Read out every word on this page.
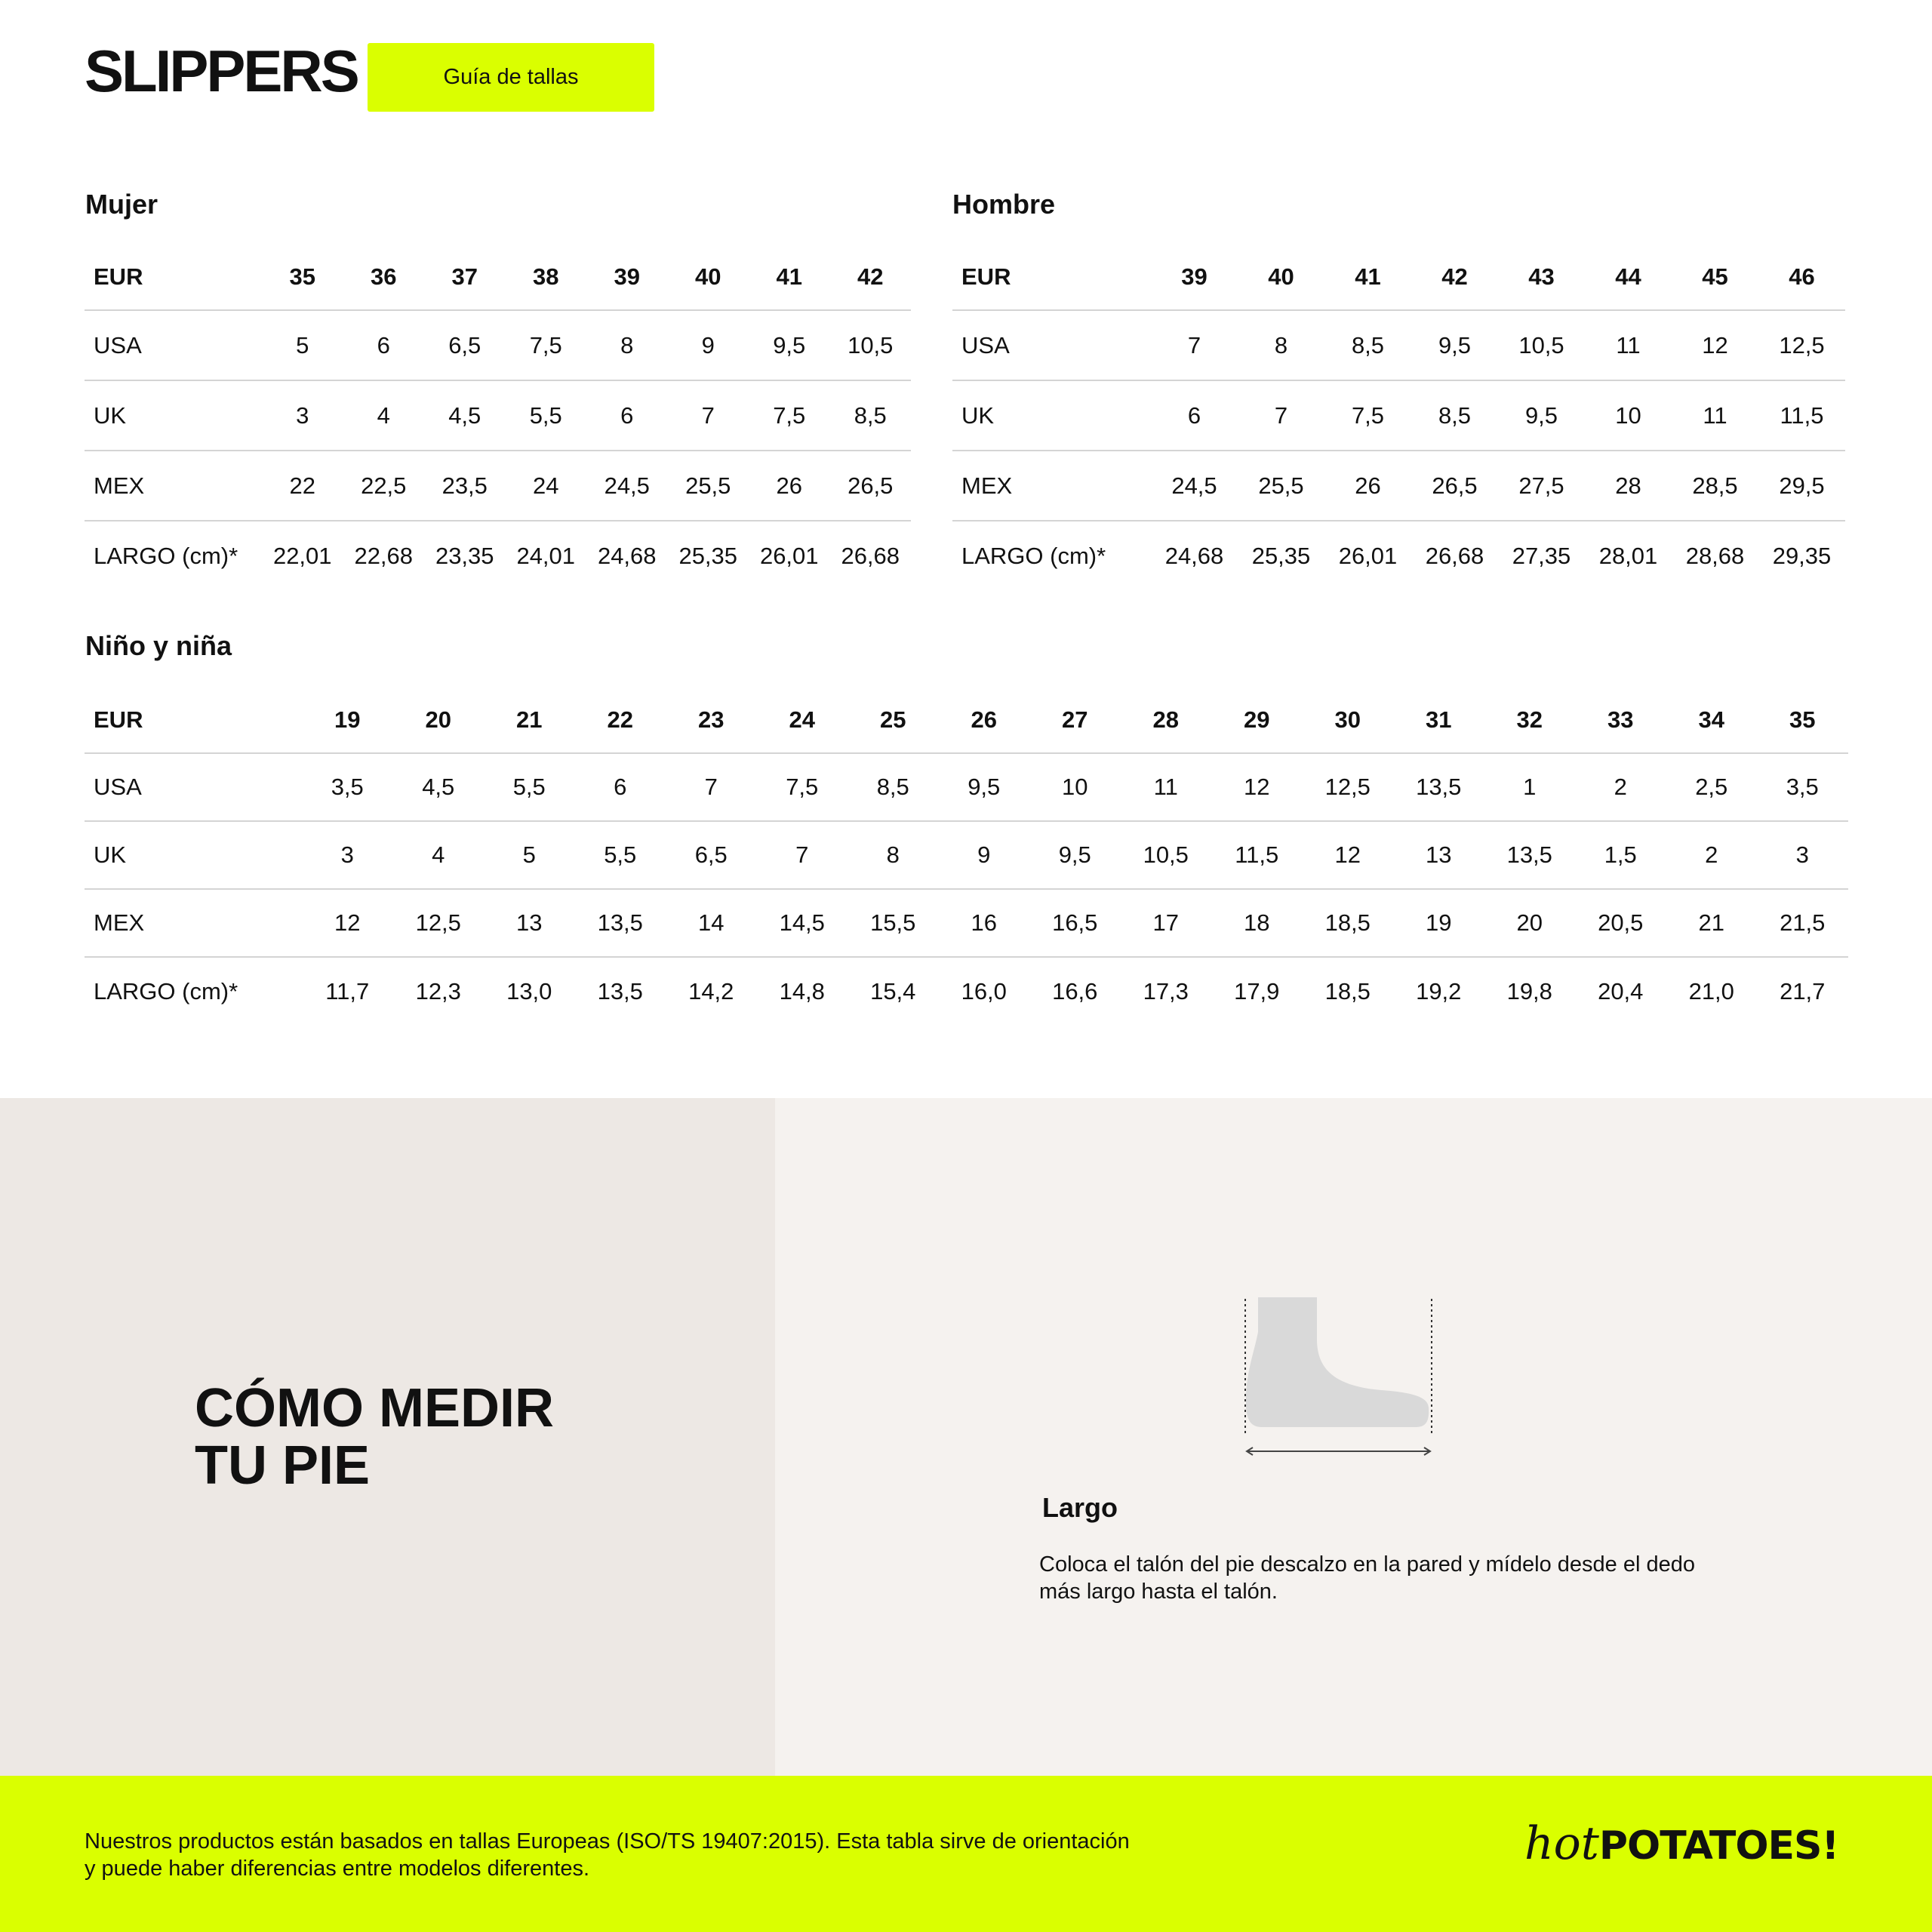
SLIPPERS	Guía de tallas
Mujer
EUR	35	36	37	38	39	40	41	42
USA	5	6	6,5	7,5	8	9	9,5	10,5
UK	3	4	4,5	5,5	6	7	7,5	8,5
MEX	22	22,5	23,5	24	24,5	25,5	26	26,5
LARGO (cm)*	22,01	22,68	23,35	24,01	24,68	25,35	26,01	26,68
Hombre
EUR	39	40	41	42	43	44	45	46
USA	7	8	8,5	9,5	10,5	11	12	12,5
UK	6	7	7,5	8,5	9,5	10	11	11,5
MEX	24,5	25,5	26	26,5	27,5	28	28,5	29,5
LARGO (cm)*	24,68	25,35	26,01	26,68	27,35	28,01	28,68	29,35
Niño y niña
EUR	19	20	21	22	23	24	25	26	27	28	29	30	31	32	33	34	35
USA	3,5	4,5	5,5	6	7	7,5	8,5	9,5	10	11	12	12,5	13,5	1	2	2,5	3,5
UK	3	4	5	5,5	6,5	7	8	9	9,5	10,5	11,5	12	13	13,5	1,5	2	3
MEX	12	12,5	13	13,5	14	14,5	15,5	16	16,5	17	18	18,5	19	20	20,5	21	21,5
LARGO (cm)*	11,7	12,3	13,0	13,5	14,2	14,8	15,4	16,0	16,6	17,3	17,9	18,5	19,2	19,8	20,4	21,0	21,7
CÓMO MEDIR
TU PIE
Largo

Coloca el talón del pie descalzo en la pared y mídelo desde el dedo más largo hasta el talón.

Nuestros productos están basados en tallas Europeas (ISO/TS 19407:2015). Esta tabla sirve de orientación y puede haber diferencias entre modelos diferentes.	hot POTATOES!
